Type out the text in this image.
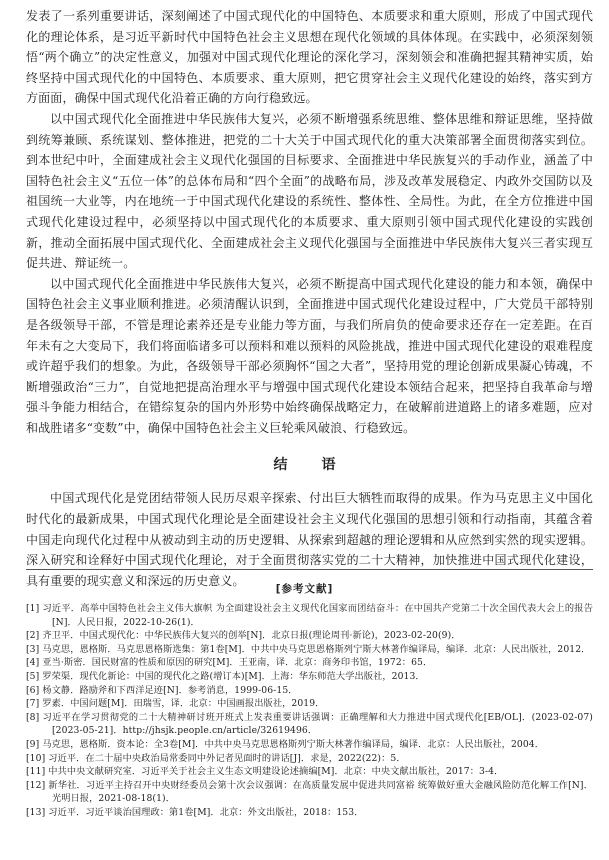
发表了一系列重要讲话，深刻阐述了中国式现代化的中国特色、本质要求和重大原则，形成了中国式现代化的理论体系，是习近平新时代中国特色社会主义思想在现代化领域的具体体现。在实践中，必须深刻领悟“两个确立”的决定性意义，加强对中国式现代化理论的深化学习，深刻领会和准确把握其精神实质，始终坚持中国式现代化的中国特色、本质要求、重大原则，把它贯穿社会主义现代化建设的始终，落实到方方面面，确保中国式现代化沿着正确的方向行稳致远。

以中国式现代化全面推进中华民族伟大复兴，必须不断增强系统思维、整体思维和辩证思维，坚持做到统筹兼顾、系统谋划、整体推进，把党的二十大关于中国式现代化的重大决策部署全面贯彻落实到位。到本世纪中叶，全面建成社会主义现代化强国的目标要求、全面推进中华民族复兴的手动作业，涵盖了中国特色社会主义“五位一体”的总体布局和“四个全面”的战略布局，涉及改革发展稳定、内政外交国防以及祖国统一大业等，内在地统一于中国式现代化建设的系统性、整体性、全局性。为此，在全方位推进中国式现代化建设过程中，必须坚持以中国式现代化的本质要求、重大原则引领中国式现代化建设的实践创新，推动全面拓展中国式现代化、全面建成社会主义现代化强国与全面推进中华民族伟大复兴三者实现互促共进、辩证统一。

以中国式现代化全面推进中华民族伟大复兴，必须不断提高中国式现代化建设的能力和本领，确保中国特色社会主义事业顺利推进。必须清醒认识到，全面推进中国式现代化建设过程中，广大党员干部特别是各级领导干部，不管是理论素养还是专业能力等方面，与我们所肩负的使命要求还存在一定差距。在百年未有之大变局下，我们将面临诸多可以预料和难以预料的风险挑战，推进中国式现代化建设的艰难程度或许超乎我们的想象。为此，各级领导干部必须胸怀“国之大者”，坚持用党的理论创新成果凝心铸魂，不断增强政治“三力”，自觉地把提高治理水平与增强中国式现代化建设本领结合起来，把坚持自我革命与增强斗争能力相结合，在错综复杂的国内外形势中始终确保战略定力，在破解前进道路上的诸多难题，应对和战胜诸多“变数”中，确保中国特色社会主义巨轮乘风破浪、行稳致远。

结　语

中国式现代化是党团结带领人民历尽艰辛探索、付出巨大牺牲而取得的成果。作为马克思主义中国化时代化的最新成果，中国式现代化理论是全面建设社会主义现代化强国的思想引领和行动指南，其蕴含着中国走向现代化过程中从被动到主动的历史逻辑、从探索到超越的理论逻辑和从应然到实然的现实逻辑。深入研究和诠释好中国式现代化理论，对于全面贯彻落实党的二十大精神，加快推进中国式现代化建设，具有重要的现实意义和深远的历史意义。

[参考文献]
[1] 习近平．高举中国特色社会主义伟大旗帜 为全面建设社会主义现代化国家而团结奋斗：在中国共产党第二十次全国代表大会上的报告[N]．人民日报，2022-10-26(1)．
[2] 齐卫平．中国式现代化：中华民族伟大复兴的创举[N]．北京日报(理论周刊·新论)，2023-02-20(9)．
[3] 马克思，恩格斯．马克思恩格斯选集：第1卷[M]．中共中央马克思恩格斯列宁斯大林著作编译局，编译．北京：人民出版社，2012．
[4] 亚当·斯密．国民财富的性质和原因的研究[M]．王亚南，译．北京：商务印书馆，1972：65．
[5] 罗荣渠．现代化新论：中国的现代化之路(增订本)[M]．上海：华东师范大学出版社，2013．
[6] 杨文静．路励斧和下西洋足迹[N]．参考消息，1999-06-15．
[7] 罗素．中国问题[M]．田瑞雪，译．北京：中国画报出版社，2019．
[8] 习近平在学习贯彻党的二十大精神研讨班开班式上发表重要讲话强调：正确理解和大力推进中国式现代化[EB/OL]．(2023-02-07)[2023-05-21]．http://jhsjk.people.cn/article/32619496．
[9] 马克思，恩格斯．资本论：全3卷[M]．中共中央马克思恩格斯列宁斯大林著作编译局，编译．北京：人民出版社，2004．
[10] 习近平．在二十届中央政治局常委同中外记者见面时的讲话[J]．求是，2022(22)：5．
[11] 中共中央文献研究室．习近平关于社会主义生态文明建设论述摘编[M]．北京：中央文献出版社，2017：3-4．
[12] 新华社．习近平主持召开中央财经委员会第十次会议强调：在高质量发展中促进共同富裕 统筹做好重大金融风险防范化解工作[N]．光明日报，2021-08-18(1)．
[13] 习近平．习近平谈治国理政：第1卷[M]．北京：外文出版社，2018：153．
